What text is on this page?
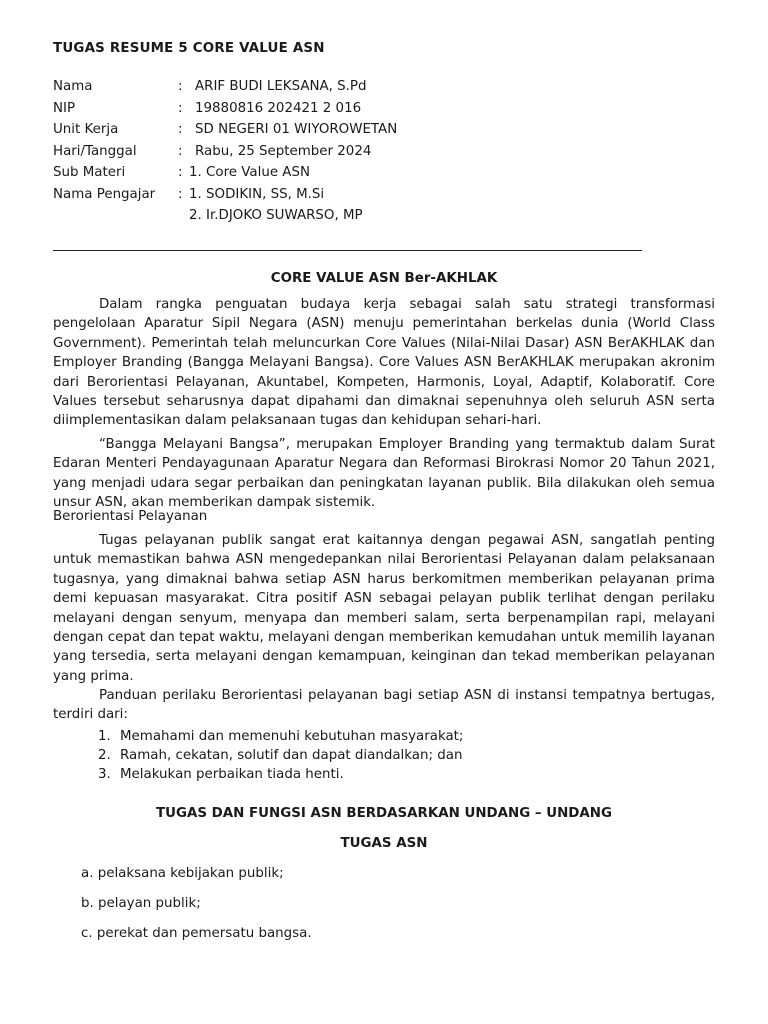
TUGAS RESUME 5 CORE VALUE ASN
Nama	: ARIF BUDI LEKSANA, S.Pd
NIP	: 19880816 202421 2 016
Unit Kerja	: SD NEGERI 01 WIYOROWETAN
Hari/Tanggal	: Rabu, 25 September 2024
Sub Materi	: 1. Core Value ASN
Nama Pengajar : 1. SODIKIN, SS, M.Si
2. Ir.DJOKO SUWARSO, MP
CORE VALUE ASN Ber-AKHLAK
Dalam rangka penguatan budaya kerja sebagai salah satu strategi transformasi pengelolaan Aparatur Sipil Negara (ASN) menuju pemerintahan berkelas dunia (World Class Government). Pemerintah telah meluncurkan Core Values (Nilai-Nilai Dasar) ASN BerAKHLAK dan Employer Branding (Bangga Melayani Bangsa). Core Values ASN BerAKHLAK merupakan akronim dari Berorientasi Pelayanan, Akuntabel, Kompeten, Harmonis, Loyal, Adaptif, Kolaboratif. Core Values tersebut seharusnya dapat dipahami dan dimaknai sepenuhnya oleh seluruh ASN serta diimplementasikan dalam pelaksanaan tugas dan kehidupan sehari-hari.
“Bangga Melayani Bangsa”, merupakan Employer Branding yang termaktub dalam Surat Edaran Menteri Pendayagunaan Aparatur Negara dan Reformasi Birokrasi Nomor 20 Tahun 2021, yang menjadi udara segar perbaikan dan peningkatan layanan publik. Bila dilakukan oleh semua unsur ASN, akan memberikan dampak sistemik.
Berorientasi Pelayanan
Tugas pelayanan publik sangat erat kaitannya dengan pegawai ASN, sangatlah penting untuk memastikan bahwa ASN mengedepankan nilai Berorientasi Pelayanan dalam pelaksanaan tugasnya, yang dimaknai bahwa setiap ASN harus berkomitmen memberikan pelayanan prima demi kepuasan masyarakat. Citra positif ASN sebagai pelayan publik terlihat dengan perilaku melayani dengan senyum, menyapa dan memberi salam, serta berpenampilan rapi, melayani dengan cepat dan tepat waktu, melayani dengan memberikan kemudahan untuk memilih layanan yang tersedia, serta melayani dengan kemampuan, keinginan dan tekad memberikan pelayanan yang prima.
Panduan perilaku Berorientasi pelayanan bagi setiap ASN di instansi tempatnya bertugas, terdiri dari:
1. Memahami dan memenuhi kebutuhan masyarakat;
2. Ramah, cekatan, solutif dan dapat diandalkan; dan
3. Melakukan perbaikan tiada henti.
TUGAS DAN FUNGSI ASN BERDASARKAN UNDANG – UNDANG
TUGAS ASN
a. pelaksana kebijakan publik;
b. pelayan publik;
c. perekat dan pemersatu bangsa.
